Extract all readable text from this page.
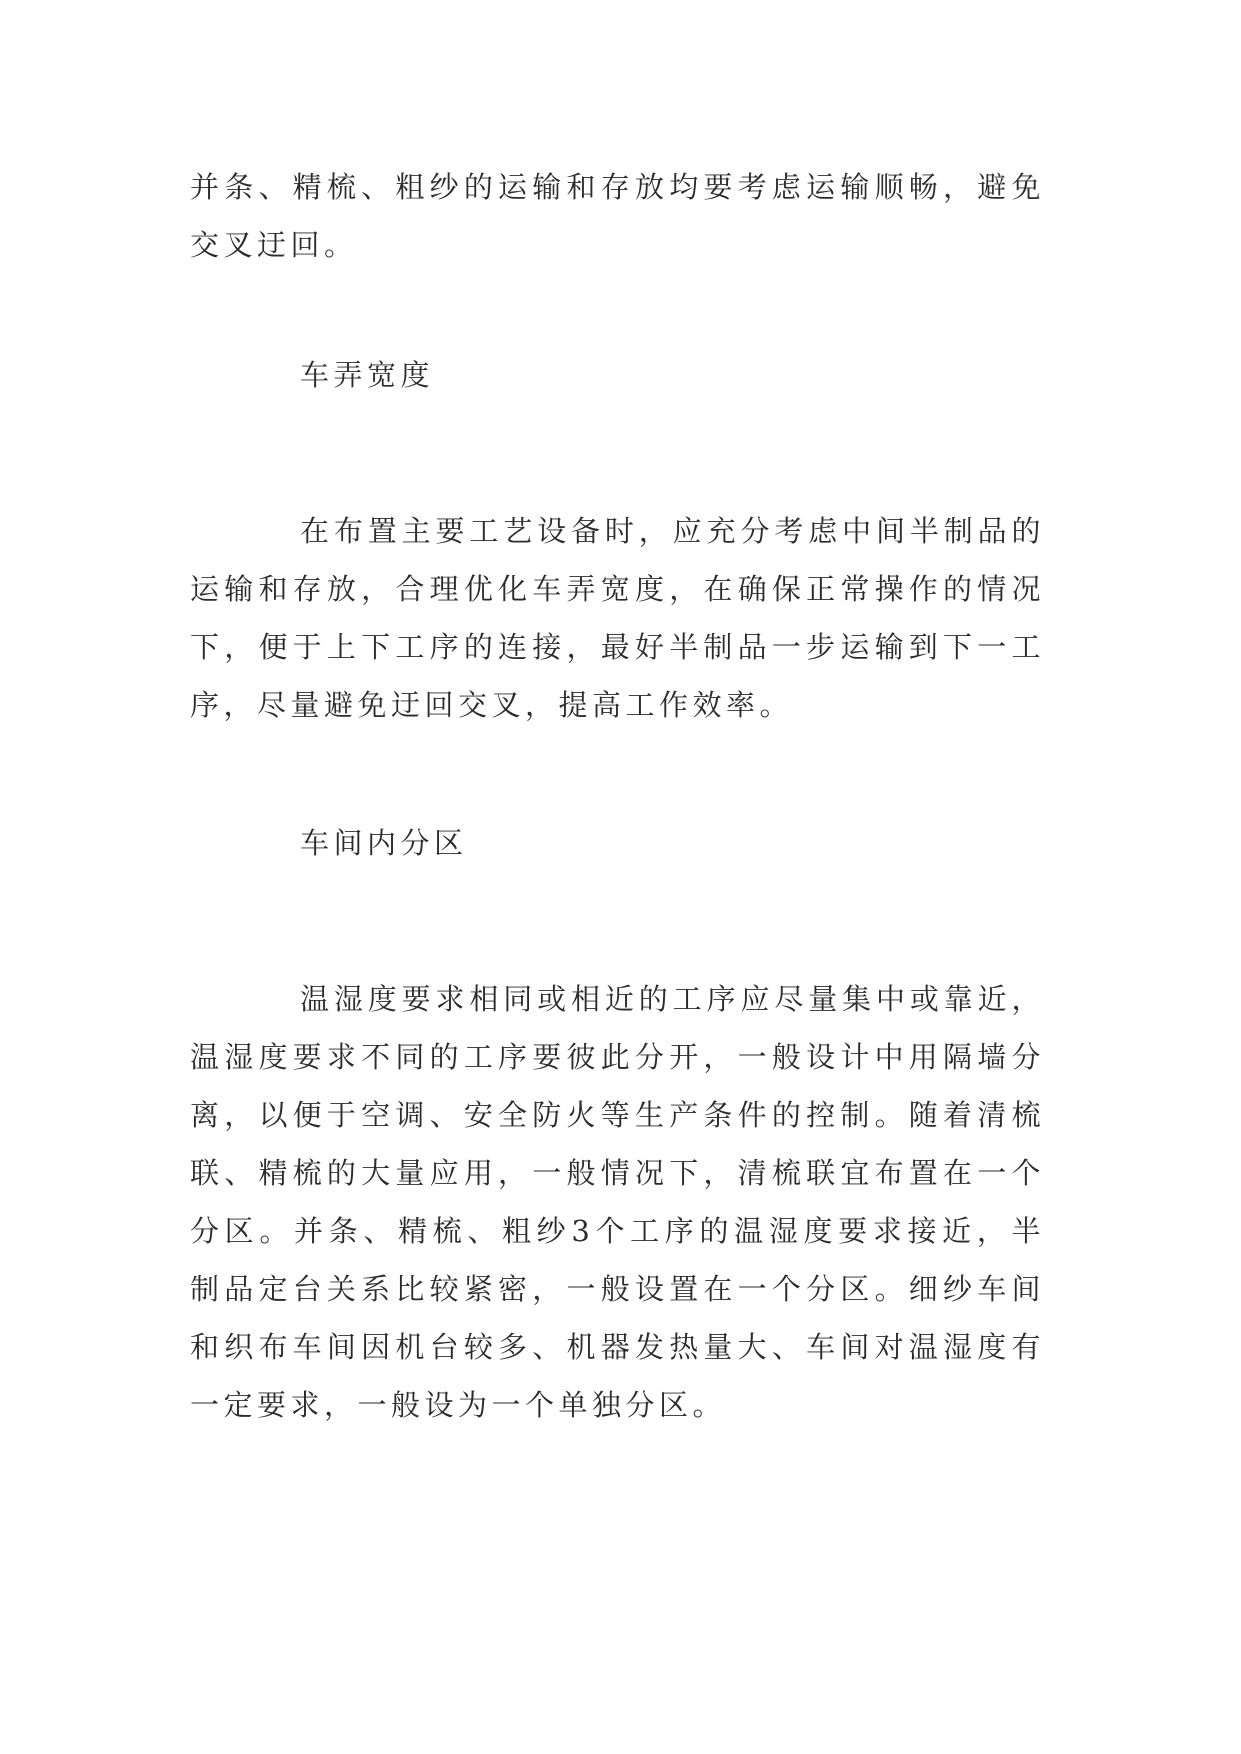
并条、精梳、粗纱的运输和存放均要考虑运输顺畅，避免交叉迂回。

车弄宽度

在布置主要工艺设备时，应充分考虑中间半制品的运输和存放，合理优化车弄宽度，在确保正常操作的情况下，便于上下工序的连接，最好半制品一步运输到下一工序，尽量避免迂回交叉，提高工作效率。

车间内分区

温湿度要求相同或相近的工序应尽量集中或靠近，温湿度要求不同的工序要彼此分开，一般设计中用隔墙分离，以便于空调、安全防火等生产条件的控制。随着清梳联、精梳的大量应用，一般情况下，清梳联宜布置在一个分区。并条、精梳、粗纱3个工序的温湿度要求接近，半制品定台关系比较紧密，一般设置在一个分区。细纱车间和织布车间因机台较多、机器发热量大、车间对温湿度有一定要求，一般设为一个单独分区。
